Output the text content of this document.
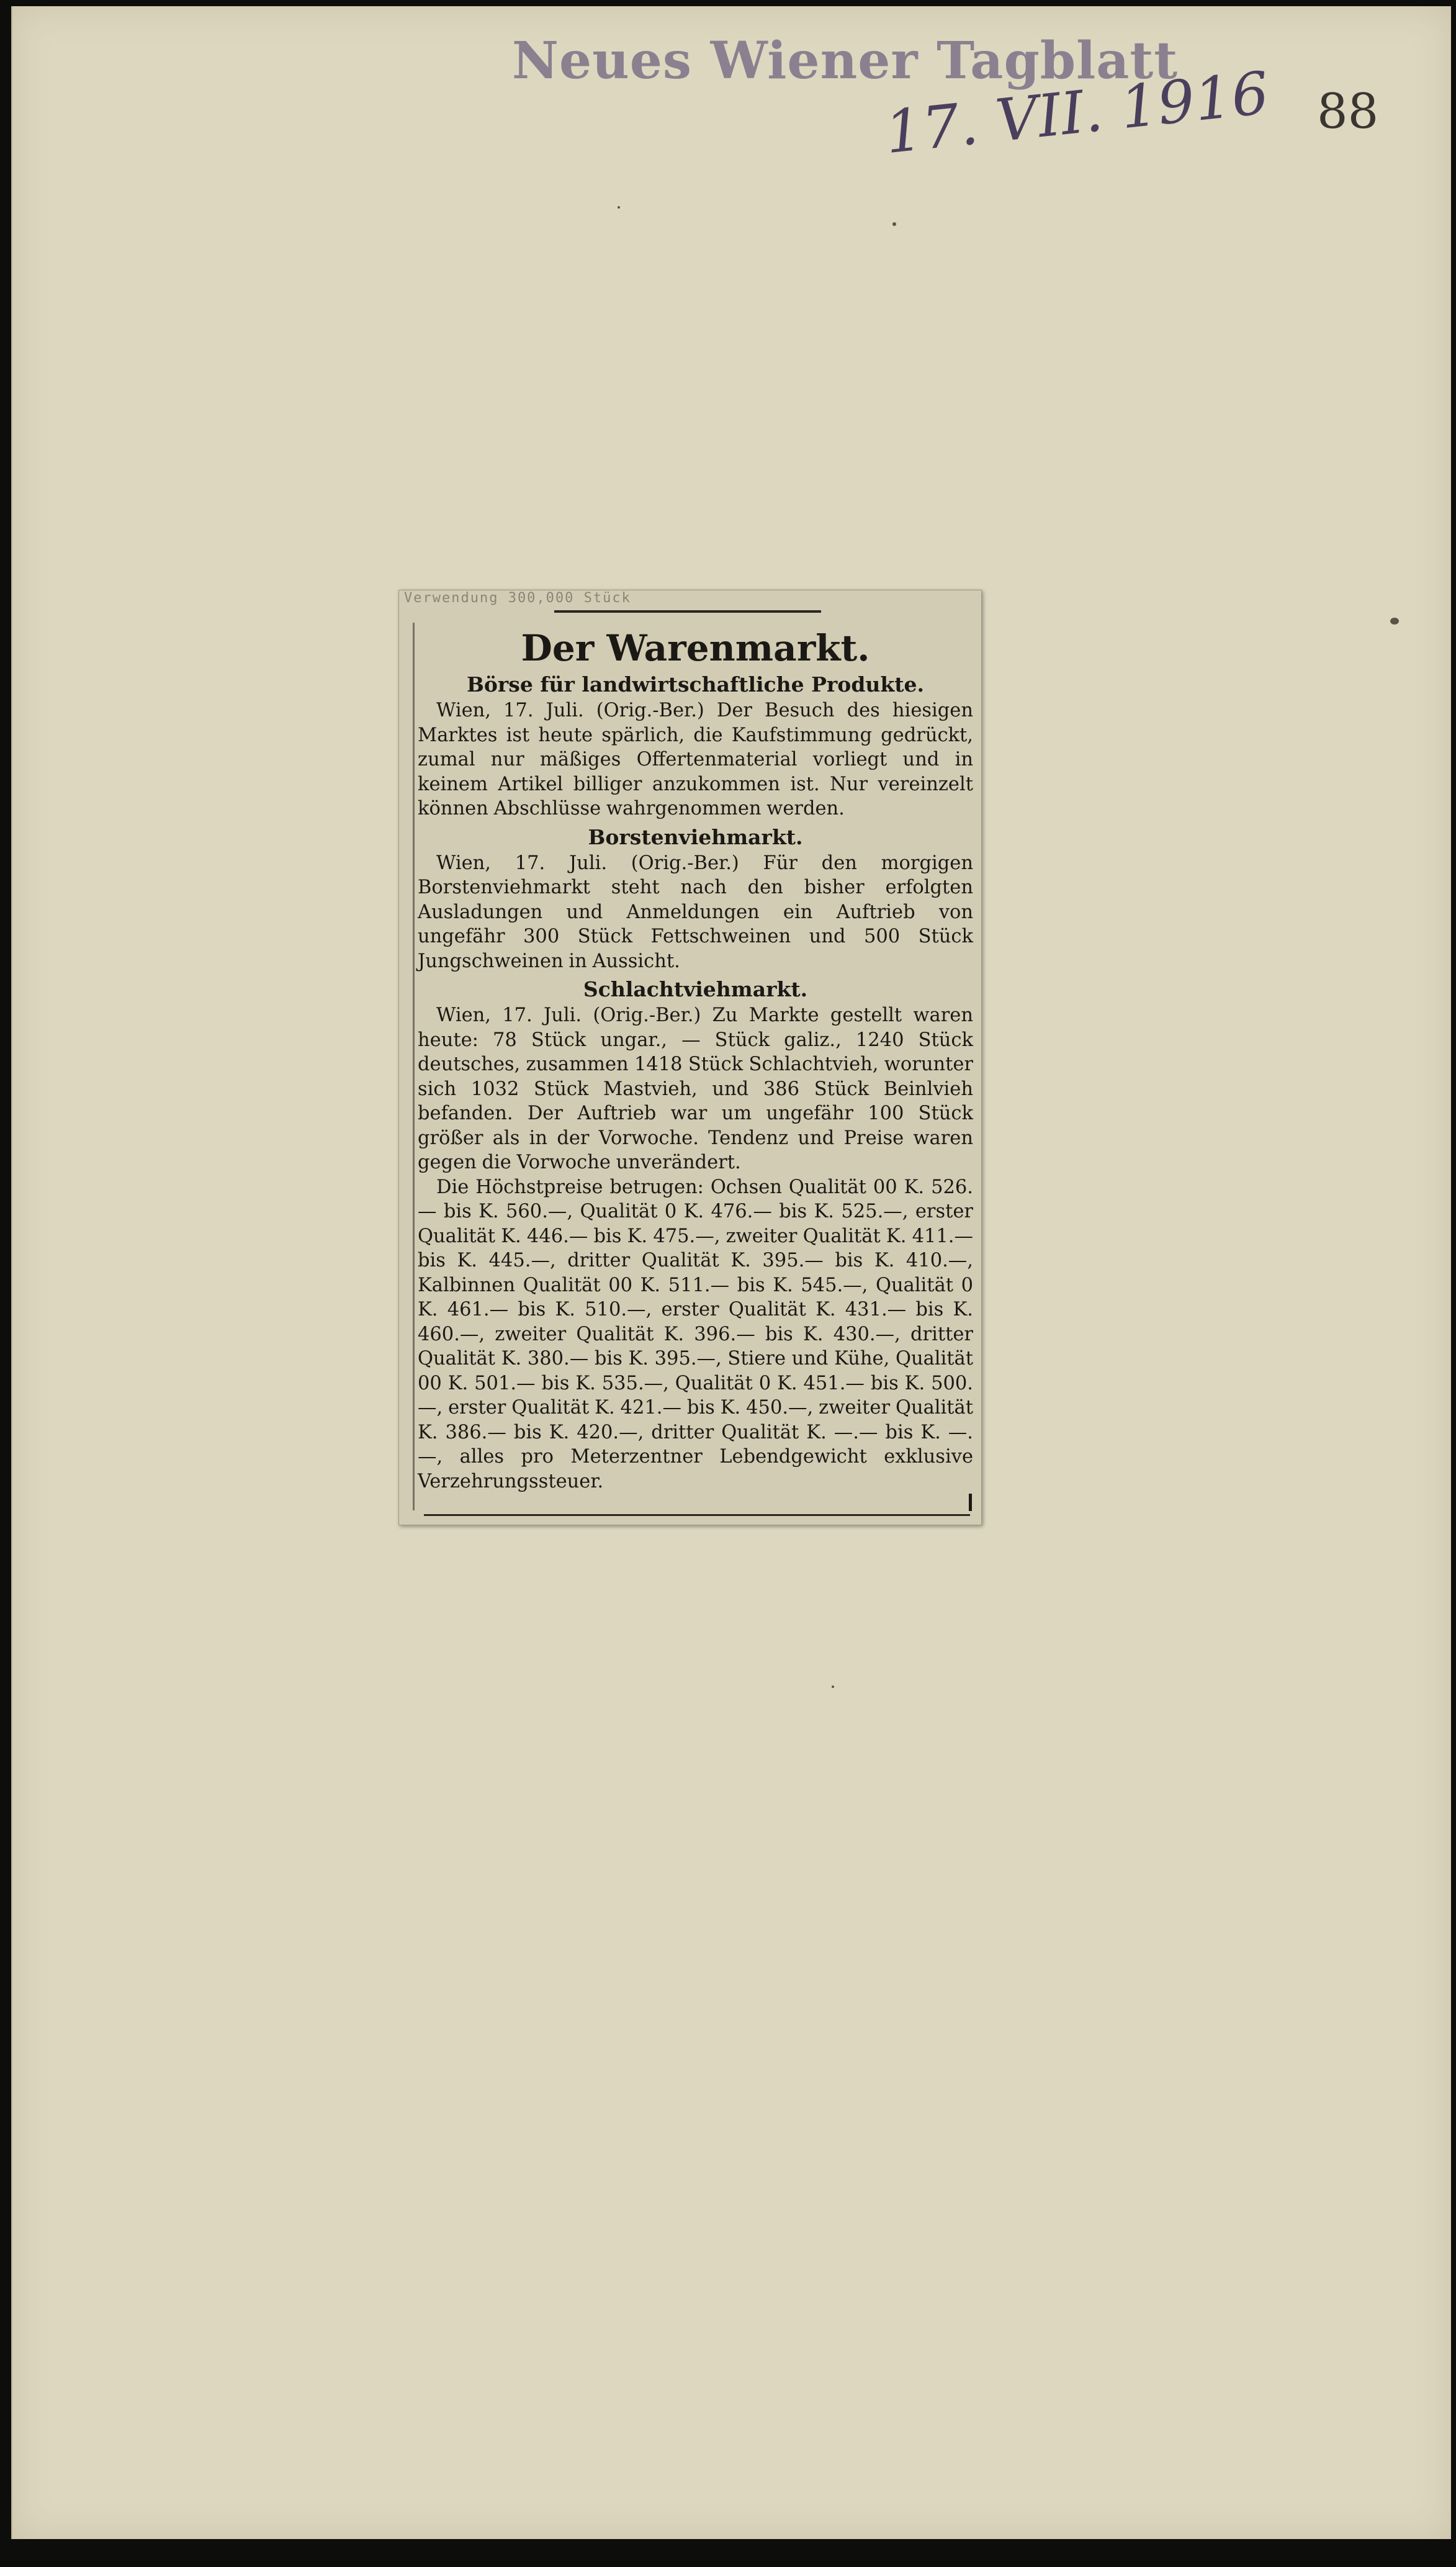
Neues Wiener Tagblatt
17. VII. 1916 88
Verwendung 300,000 Stück
Der Warenmarkt.
Börse für landwirtschaftliche Produkte.

Wien, 17. Juli. (Orig.-Ber.) Der Besuch des hiesigen Marktes ist heute spärlich, die Kaufstimmung gedrückt, zumal nur mäßiges Offertenmaterial vorliegt und in keinem Artikel billiger anzukommen ist. Nur vereinzelt können Abschlüsse wahrgenommen werden.

Borstenviehmarkt.

Wien, 17. Juli. (Orig.-Ber.) Für den morgigen Borstenviehmarkt steht nach den bisher erfolgten Ausladungen und Anmeldungen ein Auftrieb von ungefähr 300 Stück Fettschweinen und 500 Stück Jungschweinen in Aussicht.

Schlachtviehmarkt.

Wien, 17. Juli. (Orig.-Ber.) Zu Markte gestellt waren heute: 78 Stück ungar., — Stück galiz., 1240 Stück deutsches, zusammen 1418 Stück Schlachtvieh, worunter sich 1032 Stück Mastvieh, und 386 Stück Beinlvieh befanden. Der Auftrieb war um ungefähr 100 Stück größer als in der Vorwoche. Tendenz und Preise waren gegen die Vorwoche unverändert.

Die Höchstpreise betrugen: Ochsen Qualität 00 K. 526.— bis K. 560.—, Qualität 0 K. 476.— bis K. 525.—, erster Qualität K. 446.— bis K. 475.—, zweiter Qualität K. 411.— bis K. 445.—, dritter Qualität K. 395.— bis K. 410.—, Kalbinnen Qualität 00 K. 511.— bis K. 545.—, Qualität 0 K. 461.— bis K. 510.—, erster Qualität K. 431.— bis K. 460.—, zweiter Qualität K. 396.— bis K. 430.—, dritter Qualität K. 380.— bis K. 395.—, Stiere und Kühe, Qualität 00 K. 501.— bis K. 535.—, Qualität 0 K. 451.— bis K. 500.—, erster Qualität K. 421.— bis K. 450.—, zweiter Qualität K. 386.— bis K. 420.—, dritter Qualität K. —.— bis K. —.—, alles pro Meterzentner Lebendgewicht exklusive Verzehrungssteuer.
